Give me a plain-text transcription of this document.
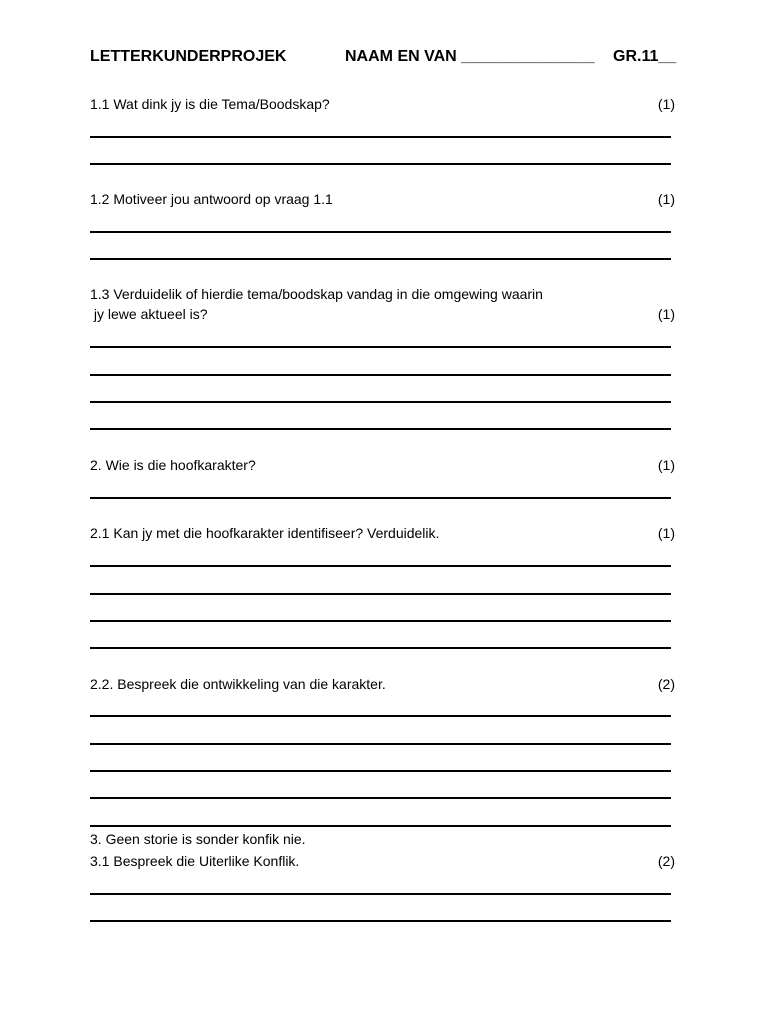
LETTERKUNDERPROJEK	NAAM EN VAN _______________ GR.11__
1.1 Wat dink jy is die Tema/Boodskap?	(1)
1.2 Motiveer jou antwoord op vraag 1.1	(1)
1.3 Verduidelik of hierdie tema/boodskap vandag in die omgewing waarin
jy lewe aktueel is?	(1)
2. Wie is die hoofkarakter?	(1)
2.1 Kan jy met die hoofkarakter identifiseer? Verduidelik.	(1)
2.2. Bespreek die ontwikkeling van die karakter.	(2)
3. Geen storie is sonder konfik nie.
3.1 Bespreek die Uiterlike Konflik.	(2)
